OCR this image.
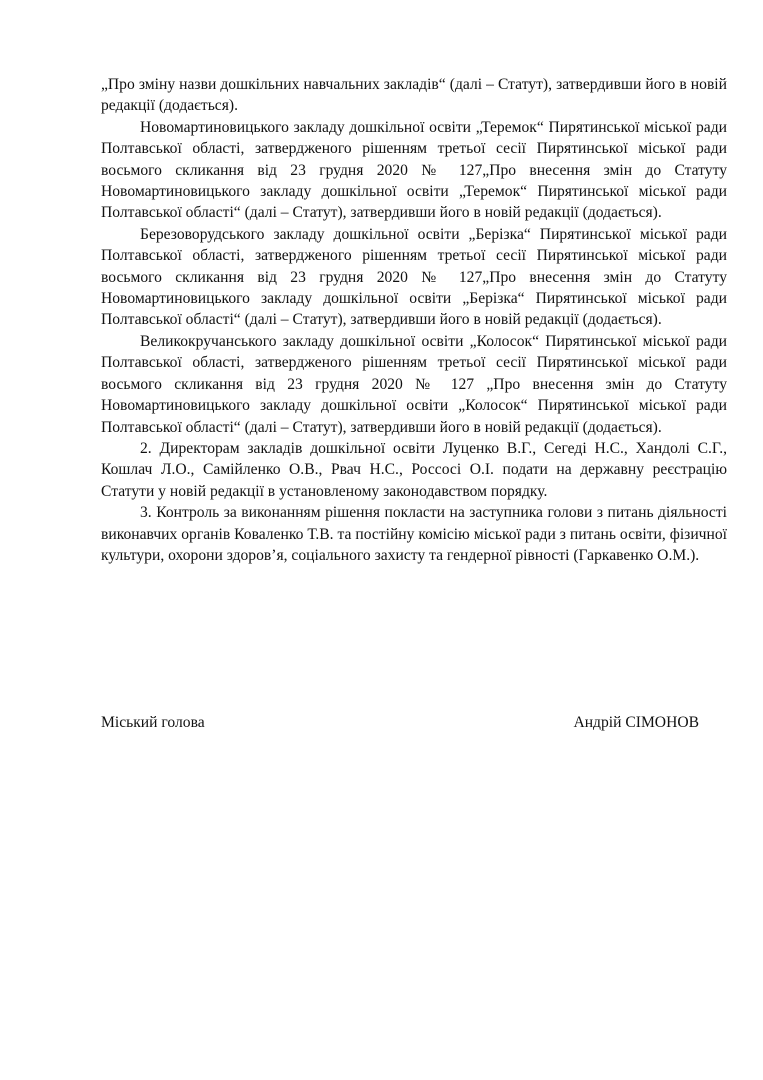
„Про зміну назви дошкільних навчальних закладів“ (далі – Статут), затвердивши його в новій редакції (додається).

Новомартиновицького закладу дошкільної освіти „Теремок“ Пирятинської міської ради Полтавської області, затвердженого рішенням третьої сесії Пирятинської міської ради восьмого скликання від 23 грудня 2020 № 127„Про внесення змін до Статуту Новомартиновицького закладу дошкільної освіти „Теремок“ Пирятинської міської ради Полтавської області“ (далі – Статут), затвердивши його в новій редакції (додається).

Березоворудського закладу дошкільної освіти „Берізка“ Пирятинської міської ради Полтавської області, затвердженого рішенням третьої сесії Пирятинської міської ради восьмого скликання від 23 грудня 2020 № 127„Про внесення змін до Статуту Новомартиновицького закладу дошкільної освіти „Берізка“ Пирятинської міської ради Полтавської області“ (далі – Статут), затвердивши його в новій редакції (додається).

Великокручанського закладу дошкільної освіти „Колосок“ Пирятинської міської ради Полтавської області, затвердженого рішенням третьої сесії Пирятинської міської ради восьмого скликання від 23 грудня 2020 № 127 „Про внесення змін до Статуту Новомартиновицького закладу дошкільної освіти „Колосок“ Пирятинської міської ради Полтавської області“ (далі – Статут), затвердивши його в новій редакції (додається).

2. Директорам закладів дошкільної освіти Луценко В.Г., Сегеді Н.С., Хандолі С.Г., Кошлач Л.О., Самійленко О.В., Рвач Н.С., Россосі О.І. подати на державну реєстрацію Статути у новій редакції в установленому законодавством порядку.

3. Контроль за виконанням рішення покласти на заступника голови з питань діяльності виконавчих органів Коваленко Т.В. та постійну комісію міської ради з питань освіти, фізичної культури, охорони здоров’я, соціального захисту та гендерної рівності (Гаркавенко О.М.).

Міський голова	Андрій СІМОНОВ
